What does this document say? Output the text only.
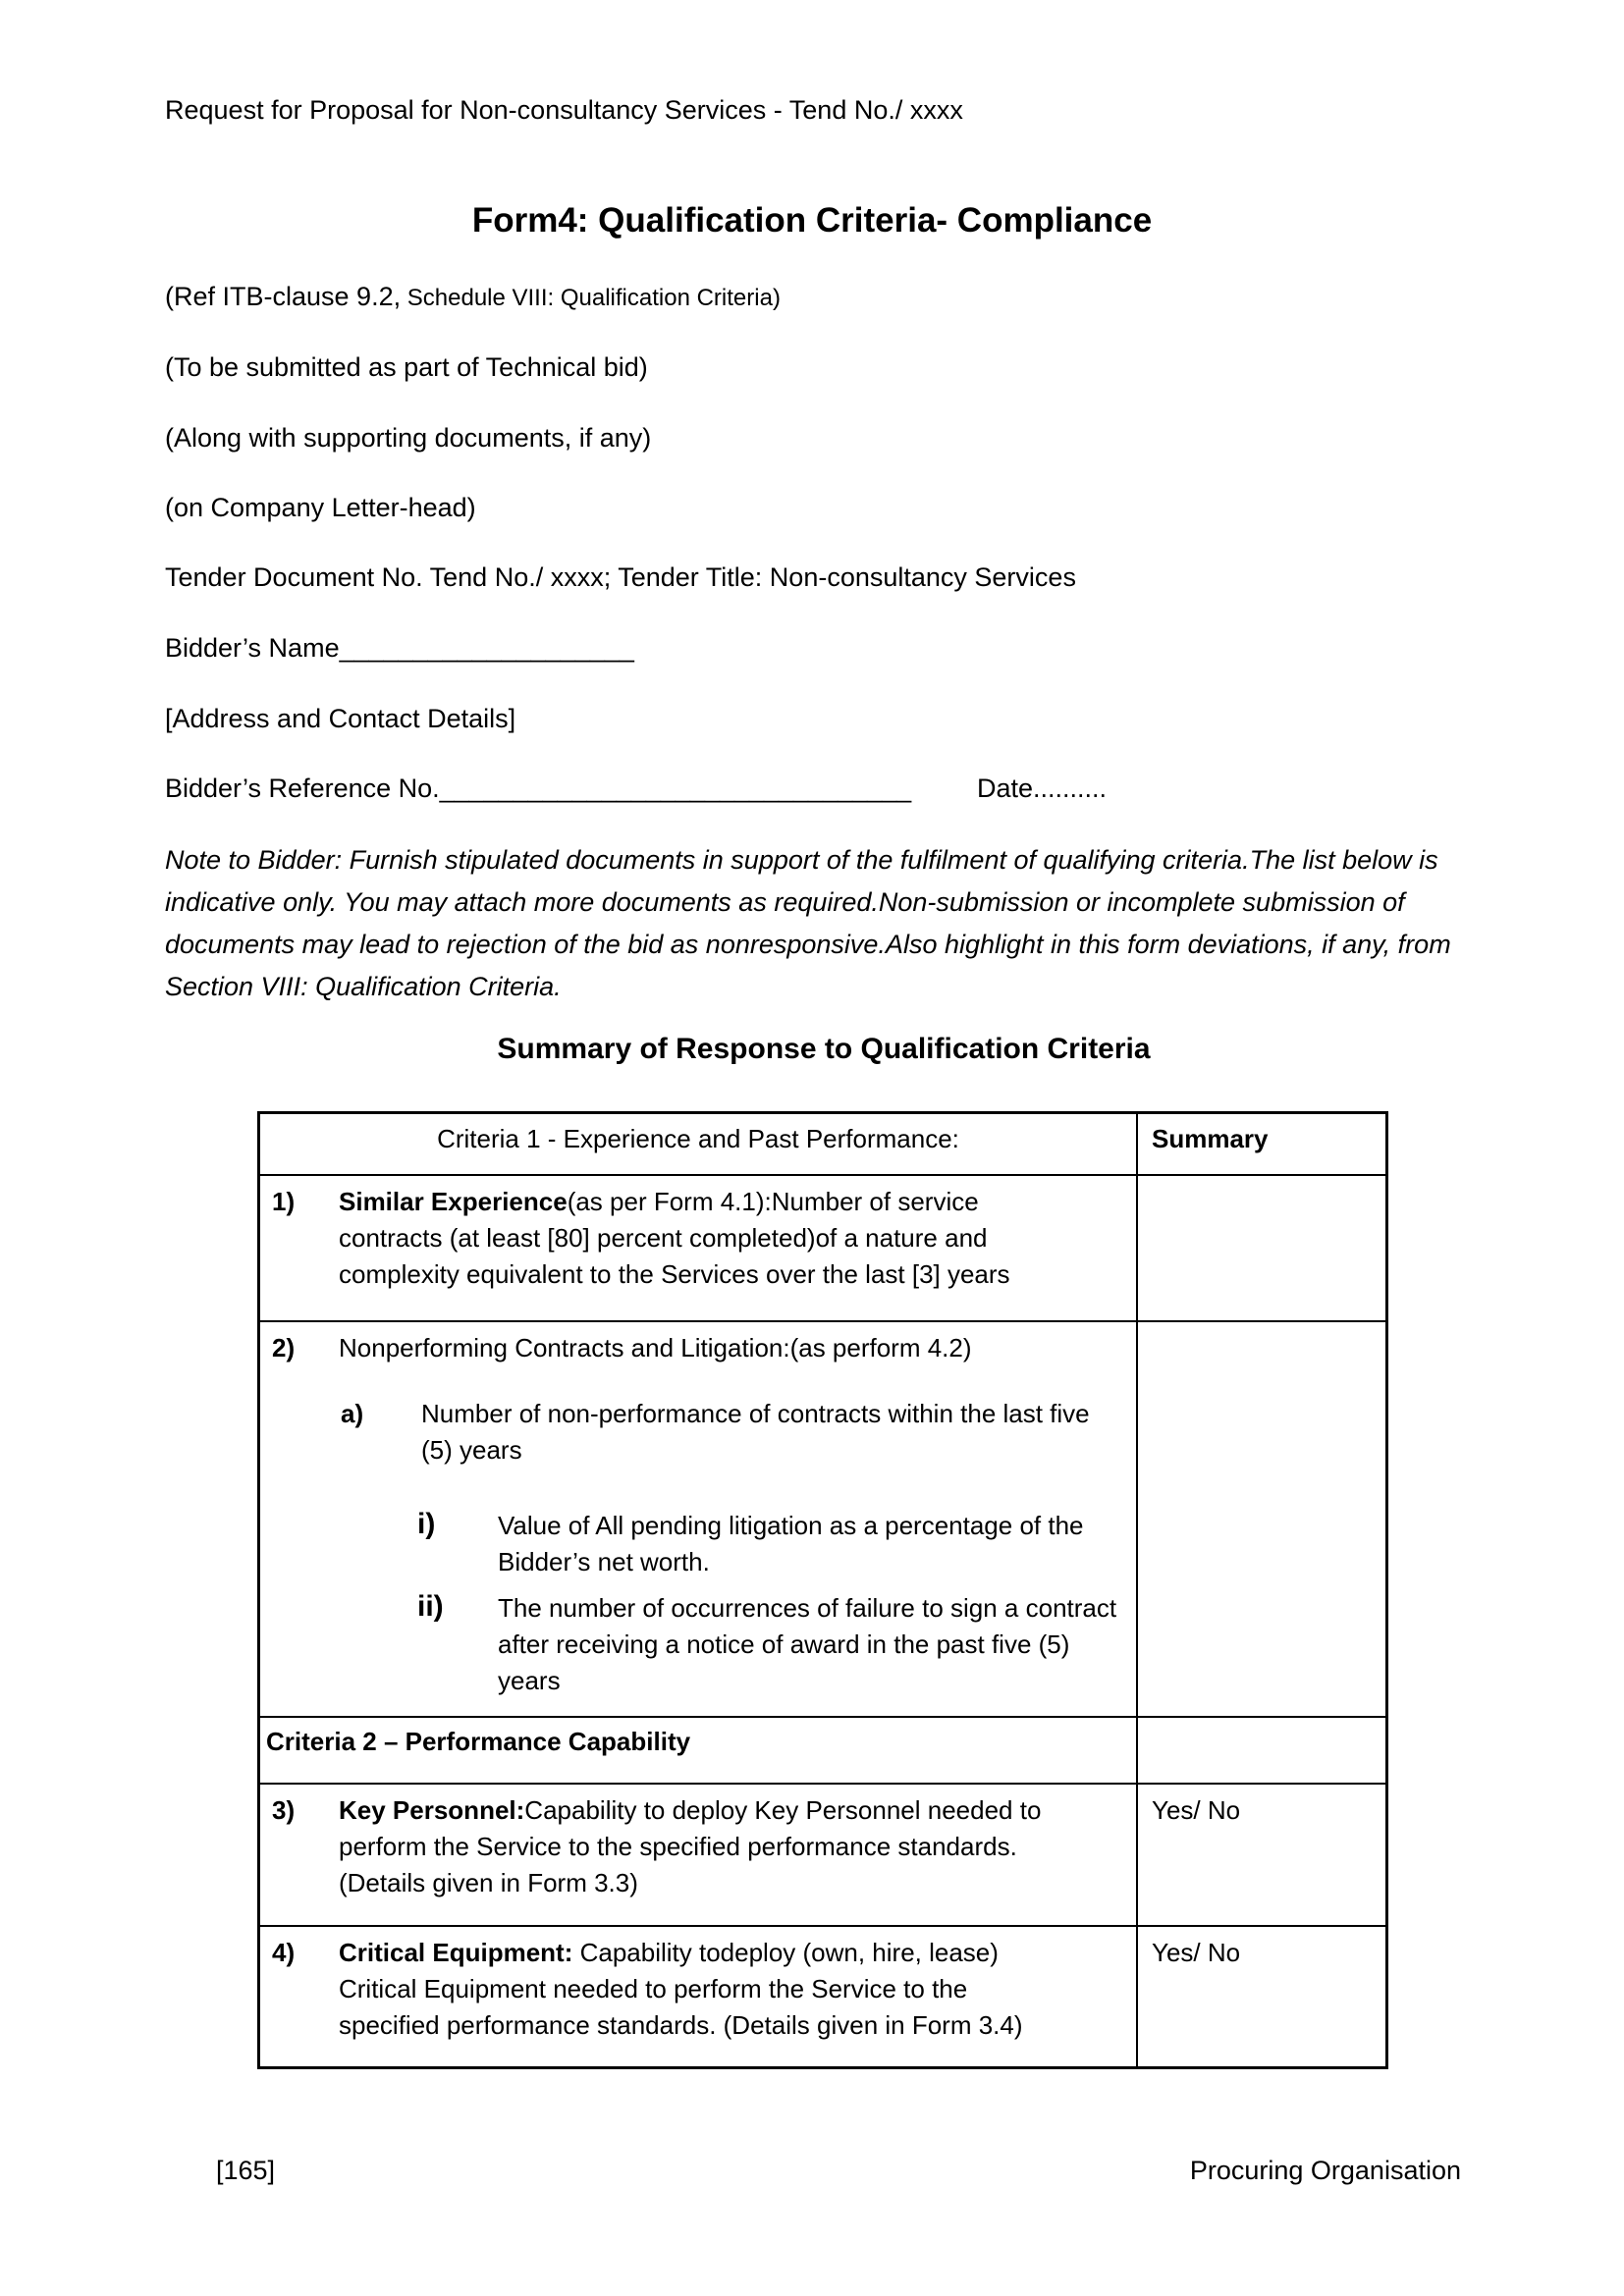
Request for Proposal for Non-consultancy Services - Tend No./ xxxx
Form4: Qualification Criteria- Compliance
(Ref ITB-clause 9.2, Schedule VIII: Qualification Criteria)
(To be submitted as part of Technical bid)
(Along with supporting documents, if any)
(on Company Letter-head)
Tender Document No. Tend No./ xxxx; Tender Title: Non-consultancy Services
Bidder’s Name____________________
[Address and Contact Details]
Bidder’s Reference No.________________________________ Date..........
Note to Bidder: Furnish stipulated documents in support of the fulfilment of qualifying criteria.The list below is indicative only. You may attach more documents as required.Non-submission or incomplete submission of documents may lead to rejection of the bid as nonresponsive.Also highlight in this form deviations, if any, from Section VIII: Qualification Criteria.
Summary of Response to Qualification Criteria
Criteria 1 - Experience and Past Performance:	Summary

1) Similar Experience(as per Form 4.1):Number of service contracts (at least [80] percent completed)of a nature and complexity equivalent to the Services over the last [3] years	

2)	Nonperforming Contracts and Litigation:(as perform 4.2)
a)	Number of non-performance of contracts within the last five (5) years
i)	Value of All pending litigation as a percentage of the Bidder’s net worth.
ii)	The number of occurrences of failure to sign a contract after receiving a notice of award in the past five (5) years

Criteria 2 – Performance Capability	

3) Key Personnel:Capability to deploy Key Personnel needed to perform the Service to the specified performance standards. (Details given in Form 3.3)	Yes/ No

4) Critical Equipment: Capability todeploy (own, hire, lease) Critical Equipment needed to perform the Service to the specified performance standards. (Details given in Form 3.4)	Yes/ No
[165]	Procuring Organisation
